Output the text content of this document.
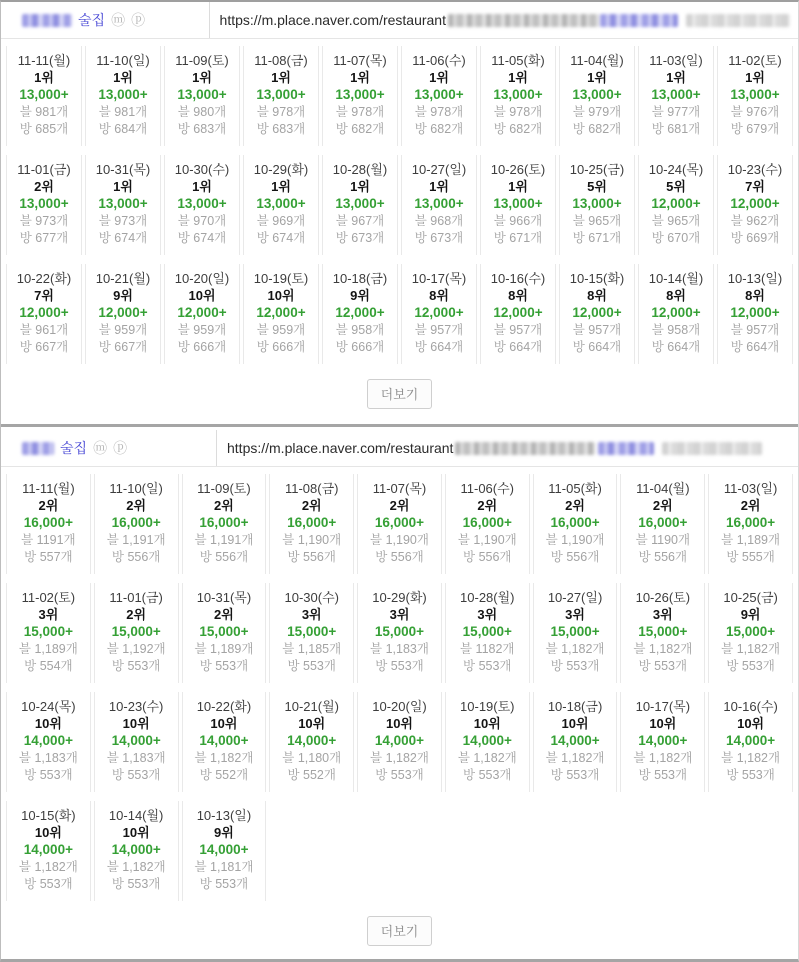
술집 ⓜ ⓟ	https://m.place.naver.com/restaurant
11-11(월)
1위
13,000+
블 981개
방 685개
11-10(일)
1위
13,000+
블 981개
방 684개
11-09(토)
1위
13,000+
블 980개
방 683개
11-08(금)
1위
13,000+
블 978개
방 683개
11-07(목)
1위
13,000+
블 978개
방 682개
11-06(수)
1위
13,000+
블 978개
방 682개
11-05(화)
1위
13,000+
블 978개
방 682개
11-04(월)
1위
13,000+
블 979개
방 682개
11-03(일)
1위
13,000+
블 977개
방 681개
11-02(토)
1위
13,000+
블 976개
방 679개
11-01(금)
2위
13,000+
블 973개
방 677개
10-31(목)
1위
13,000+
블 973개
방 674개
10-30(수)
1위
13,000+
블 970개
방 674개
10-29(화)
1위
13,000+
블 969개
방 674개
10-28(월)
1위
13,000+
블 967개
방 673개
10-27(일)
1위
13,000+
블 968개
방 673개
10-26(토)
1위
13,000+
블 966개
방 671개
10-25(금)
5위
13,000+
블 965개
방 671개
10-24(목)
5위
12,000+
블 965개
방 670개
10-23(수)
7위
12,000+
블 962개
방 669개
10-22(화)
7위
12,000+
블 961개
방 667개
10-21(월)
9위
12,000+
블 959개
방 667개
10-20(일)
10위
12,000+
블 959개
방 666개
10-19(토)
10위
12,000+
블 959개
방 666개
10-18(금)
9위
12,000+
블 958개
방 666개
10-17(목)
8위
12,000+
블 957개
방 664개
10-16(수)
8위
12,000+
블 957개
방 664개
10-15(화)
8위
12,000+
블 957개
방 664개
10-14(월)
8위
12,000+
블 958개
방 664개
10-13(일)
8위
12,000+
블 957개
방 664개
더보기
술집 ⓜ ⓟ	https://m.place.naver.com/restaurant
11-11(월)
2위
16,000+
블 1191개
방 557개
11-10(일)
2위
16,000+
블 1,191개
방 556개
11-09(토)
2위
16,000+
블 1,191개
방 556개
11-08(금)
2위
16,000+
블 1,190개
방 556개
11-07(목)
2위
16,000+
블 1,190개
방 556개
11-06(수)
2위
16,000+
블 1,190개
방 556개
11-05(화)
2위
16,000+
블 1,190개
방 556개
11-04(월)
2위
16,000+
블 1190개
방 556개
11-03(일)
2위
16,000+
블 1,189개
방 555개
11-02(토)
3위
15,000+
블 1,189개
방 554개
11-01(금)
2위
15,000+
블 1,192개
방 553개
10-31(목)
2위
15,000+
블 1,189개
방 553개
10-30(수)
3위
15,000+
블 1,185개
방 553개
10-29(화)
3위
15,000+
블 1,183개
방 553개
10-28(월)
3위
15,000+
블 1182개
방 553개
10-27(일)
3위
15,000+
블 1,182개
방 553개
10-26(토)
3위
15,000+
블 1,182개
방 553개
10-25(금)
9위
15,000+
블 1,182개
방 553개
10-24(목)
10위
14,000+
블 1,183개
방 553개
10-23(수)
10위
14,000+
블 1,183개
방 553개
10-22(화)
10위
14,000+
블 1,182개
방 552개
10-21(월)
10위
14,000+
블 1,180개
방 552개
10-20(일)
10위
14,000+
블 1,182개
방 553개
10-19(토)
10위
14,000+
블 1,182개
방 553개
10-18(금)
10위
14,000+
블 1,182개
방 553개
10-17(목)
10위
14,000+
블 1,182개
방 553개
10-16(수)
10위
14,000+
블 1,182개
방 553개
10-15(화)
10위
14,000+
블 1,182개
방 553개
10-14(월)
10위
14,000+
블 1,182개
방 553개
10-13(일)
9위
14,000+
블 1,181개
방 553개
더보기
